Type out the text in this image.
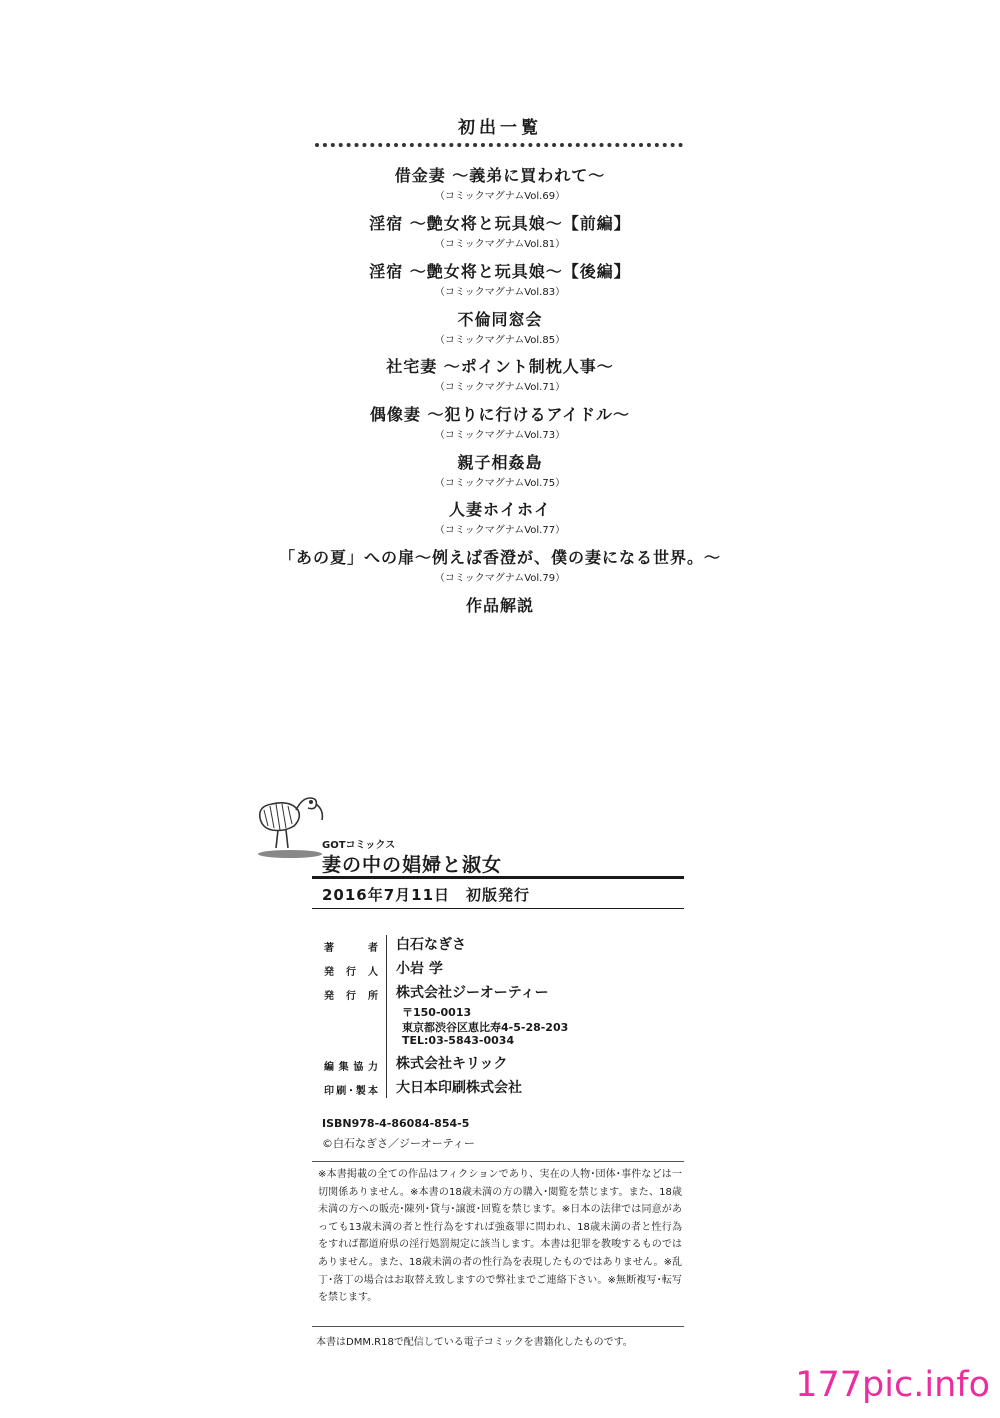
初出一覧
借金妻 ～義弟に買われて～
（コミックマグナムVol.69）
淫宿 ～艶女将と玩具娘～【前編】
（コミックマグナムVol.81）
淫宿 ～艶女将と玩具娘～【後編】
（コミックマグナムVol.83）
不倫同窓会
（コミックマグナムVol.85）
社宅妻 ～ポイント制枕人事～
（コミックマグナムVol.71）
偶像妻 ～犯りに行けるアイドル～
（コミックマグナムVol.73）
親子相姦島
（コミックマグナムVol.75）
人妻ホイホイ
（コミックマグナムVol.77）
「あの夏」への扉～例えば香澄が、僕の妻になる世界。～
（コミックマグナムVol.79）
作品解説
GOTコミックス
妻の中の娼婦と淑女
2016年7月11日　初版発行
著者 白石なぎさ
発行人 小岩 学
発行所 株式会社ジーオーティー
〒150-0013
東京都渋谷区恵比寿4-5-28-203
TEL:03-5843-0034
編集協力 株式会社キリック
印刷･製本 大日本印刷株式会社
ISBN978-4-86084-854-5
©白石なぎさ／ジーオーティー
※本書掲載の全ての作品はフィクションであり、実在の人物･団体･事件などは一切関係ありません。※本書の18歳未満の方の購入･閲覧を禁じます。また、18歳未満の方への販売･陳列･貸与･譲渡･回覧を禁じます。※日本の法律では同意があっても13歳未満の者と性行為をすれば強姦罪に問われ、18歳未満の者と性行為をすれば都道府県の淫行処罰規定に該当します。本書は犯罪を教唆するものではありません。また、18歳未満の者の性行為を表現したものではありません。※乱丁･落丁の場合はお取替え致しますので弊社までご連絡下さい。※無断複写･転写を禁じます。
本書はDMM.R18で配信している電子コミックを書籍化したものです。
177pic.info
